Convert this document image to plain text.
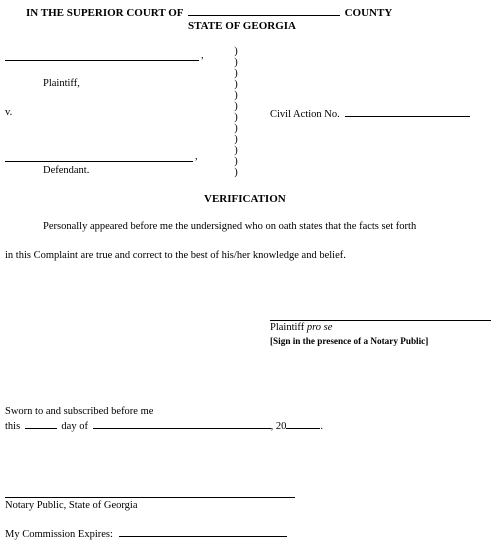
IN THE SUPERIOR COURT OF	COUNTY
STATE OF GEORGIA
,
Plaintiff,
v.	Civil Action No.
,
Defendant.
)
)
)
)
)
)
)
)
)
)
)
)
VERIFICATION
Personally appeared before me the undersigned who on oath states that the facts set forth
in this Complaint are true and correct to the best of his/her knowledge and belief.
Plaintiff pro se
[Sign in the presence of a Notary Public]
Sworn to and subscribed before me
this	day of	, 20	.
Notary Public, State of Georgia
My Commission Expires:
